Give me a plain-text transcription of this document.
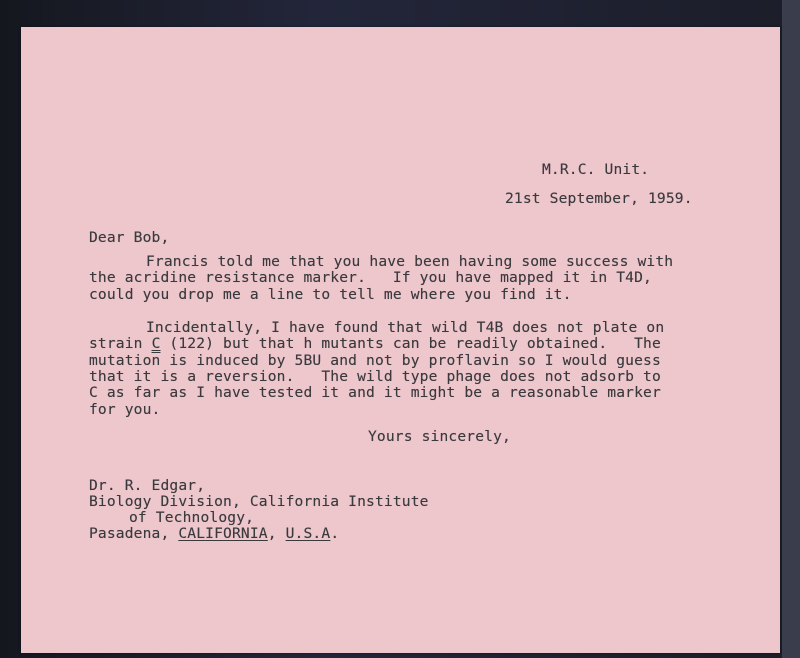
M.R.C. Unit.
21st September, 1959.
Dear Bob,
Francis told me that you have been having some success with
the acridine resistance marker.   If you have mapped it in T4D,
could you drop me a line to tell me where you find it.
Incidentally, I have found that wild T4B does not plate on
strain C (122) but that h mutants can be readily obtained.   The
mutation is induced by 5BU and not by proflavin so I would guess
that it is a reversion.   The wild type phage does not adsorb to
C as far as I have tested it and it might be a reasonable marker
for you.
Yours sincerely,
Dr. R. Edgar,
Biology Division, California Institute
of Technology,
Pasadena, CALIFORNIA, U.S.A.
